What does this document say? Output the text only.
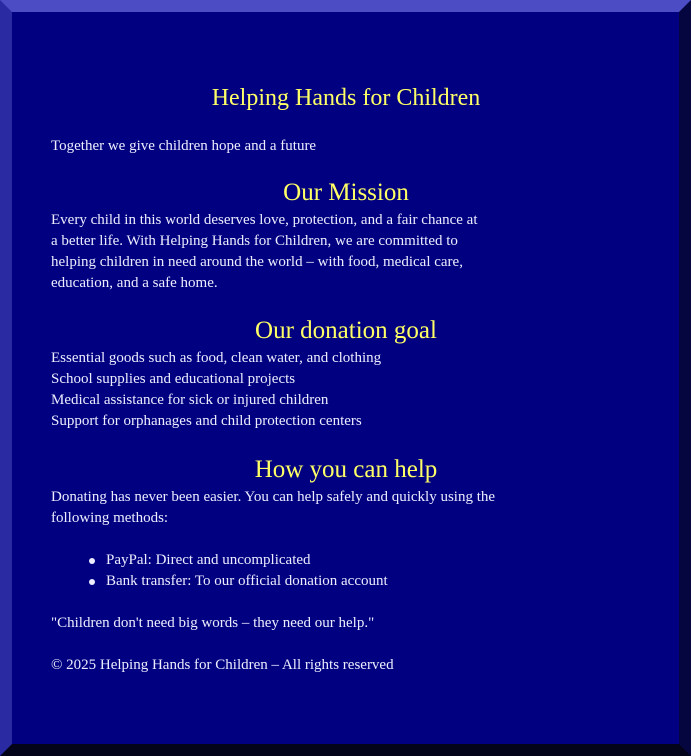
Helping Hands for Children
Together we give children hope and a future
Our Mission
Every child in this world deserves love, protection, and a fair chance at
a better life. With Helping Hands for Children, we are committed to
helping children in need around the world – with food, medical care,
education, and a safe home.
Our donation goal
Essential goods such as food, clean water, and clothing
School supplies and educational projects
Medical assistance for sick or injured children
Support for orphanages and child protection centers
How you can help
Donating has never been easier. You can help safely and quickly using the
following methods:
PayPal: Direct and uncomplicated
Bank transfer: To our official donation account
"Children don't need big words – they need our help."
© 2025 Helping Hands for Children – All rights reserved
